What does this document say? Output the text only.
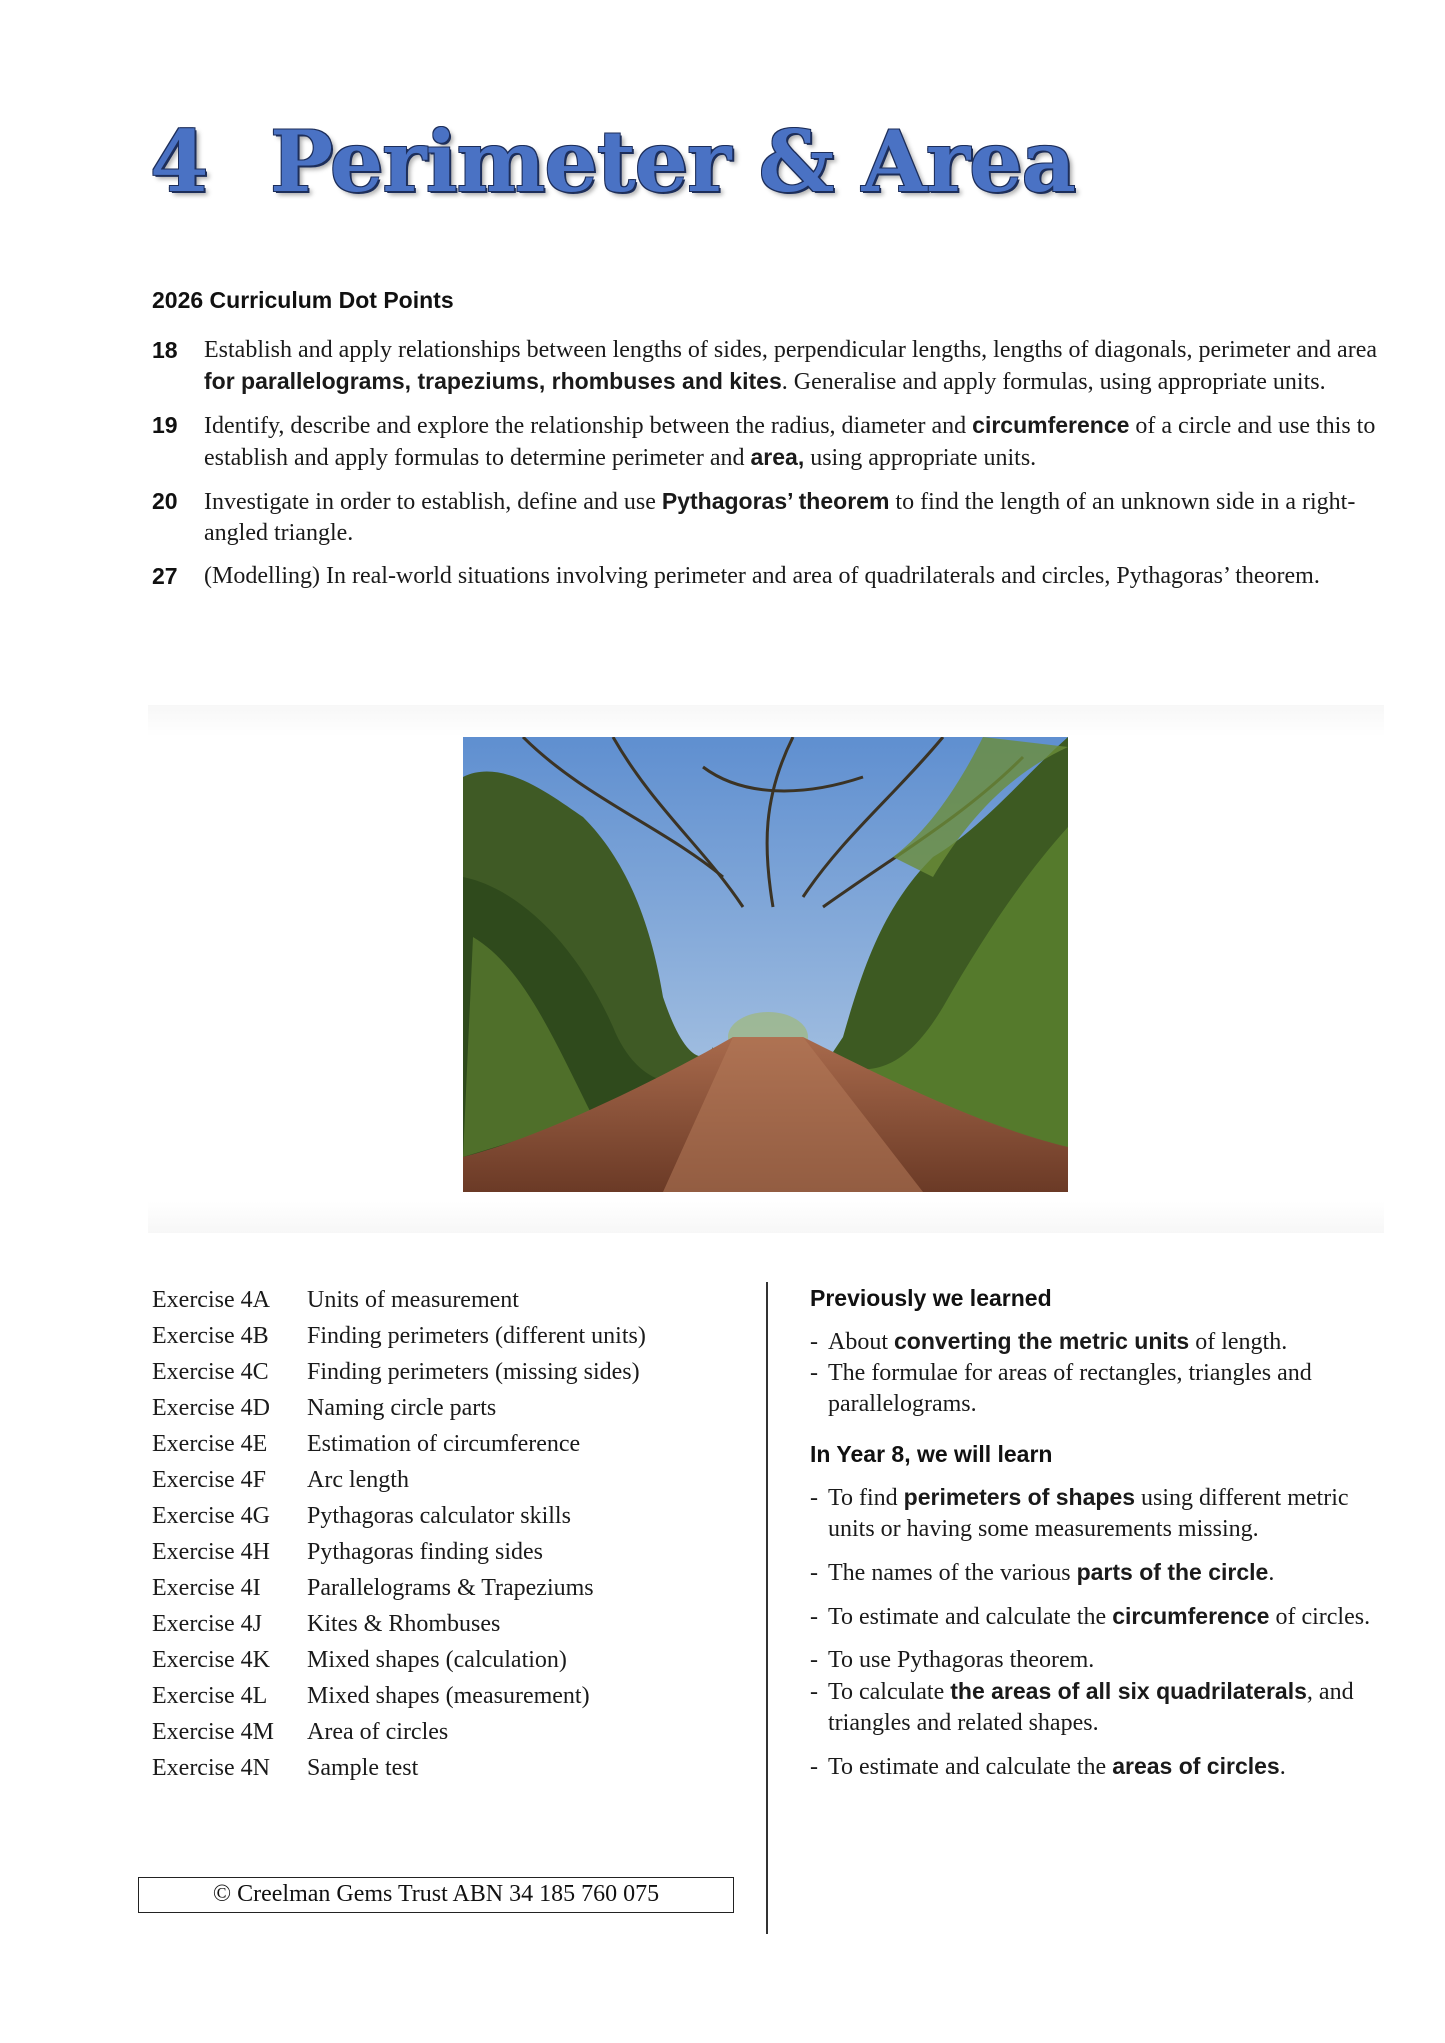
4 Perimeter & Area
2026 Curriculum Dot Points
18	Establish and apply relationships between lengths of sides, perpendicular lengths, lengths of diagonals, perimeter and area for parallelograms, trapeziums, rhombuses and kites. Generalise and apply formulas, using appropriate units.
19	Identify, describe and explore the relationship between the radius, diameter and circumference of a circle and use this to establish and apply formulas to determine perimeter and area, using appropriate units.
20	Investigate in order to establish, define and use Pythagoras’ theorem to find the length of an unknown side in a right-angled triangle.
27	(Modelling) In real-world situations involving perimeter and area of quadrilaterals and circles, Pythagoras’ theorem.
Exercise 4A	Units of measurement
Exercise 4B	Finding perimeters (different units)
Exercise 4C	Finding perimeters (missing sides)
Exercise 4D	Naming circle parts
Exercise 4E	Estimation of circumference
Exercise 4F	Arc length
Exercise 4G	Pythagoras calculator skills
Exercise 4H	Pythagoras finding sides
Exercise 4I	Parallelograms & Trapeziums
Exercise 4J	Kites & Rhombuses
Exercise 4K	Mixed shapes (calculation)
Exercise 4L	Mixed shapes (measurement)
Exercise 4M	Area of circles
Exercise 4N	Sample test
© Creelman Gems Trust ABN 34 185 760 075
Previously we learned
- About converting the metric units of length.
- The formulae for areas of rectangles, triangles and parallelograms.
In Year 8, we will learn
- To find perimeters of shapes using different metric units or having some measurements missing.
- The names of the various parts of the circle.
- To estimate and calculate the circumference of circles.
- To use Pythagoras theorem.
- To calculate the areas of all six quadrilaterals, and triangles and related shapes.
- To estimate and calculate the areas of circles.
